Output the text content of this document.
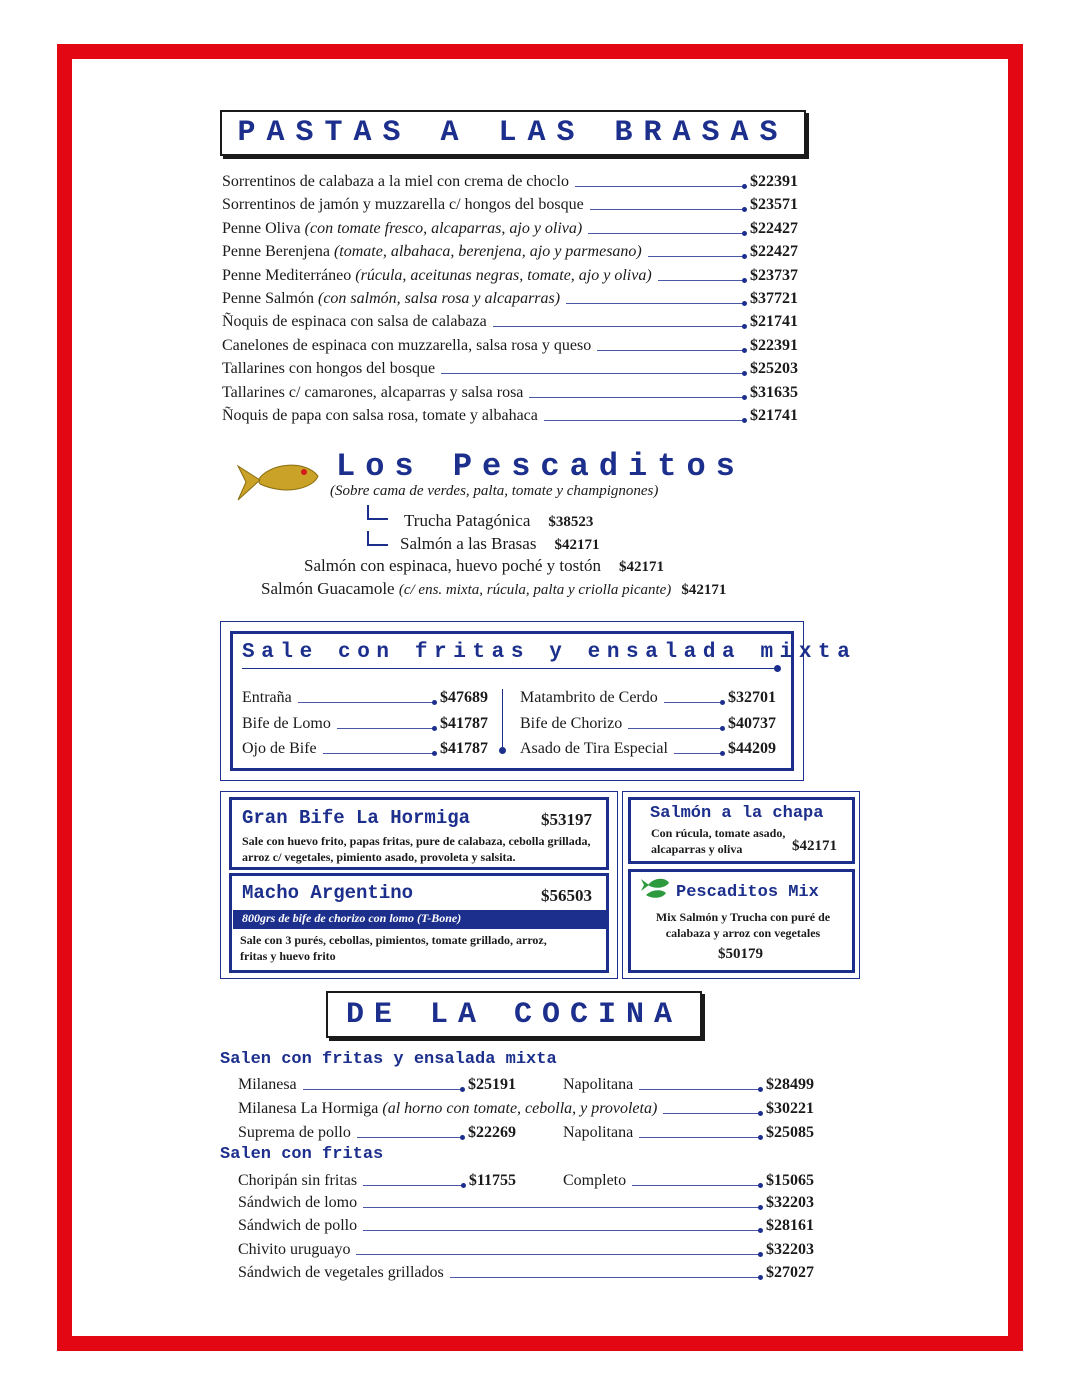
PASTAS A LAS BRASAS
Sorrentinos de calabaza a la miel con crema de choclo	$22391
Sorrentinos de jamón y muzzarella c/ hongos del bosque	$23571
Penne Oliva (con tomate fresco, alcaparras, ajo y oliva)	$22427
Penne Berenjena (tomate, albahaca, berenjena, ajo y parmesano)	$22427
Penne Mediterráneo (rúcula, aceitunas negras, tomate, ajo y oliva)	$23737
Penne Salmón (con salmón, salsa rosa y alcaparras)	$37721
Ñoquis de espinaca con salsa de calabaza	$21741
Canelones de espinaca con muzzarella, salsa rosa y queso	$22391
Tallarines con hongos del bosque	$25203
Tallarines c/ camarones, alcaparras y salsa rosa	$31635
Ñoquis de papa con salsa rosa, tomate y albahaca	$21741
Los Pescaditos
(Sobre cama de verdes, palta, tomate y champignones)
Trucha Patagónica $38523
Salmón a las Brasas $42171
Salmón con espinaca, huevo poché y tostón $42171
Salmón Guacamole (c/ ens. mixta, rúcula, palta y criolla picante) $42171
Sale con fritas y ensalada mixta
Entraña	$47689
Bife de Lomo	$41787
Ojo de Bife	$41787
Matambrito de Cerdo	$32701
Bife de Chorizo	$40737
Asado de Tira Especial	$44209
Gran Bife La Hormiga	$53197
Sale con huevo frito, papas fritas, pure de calabaza, cebolla grillada, arroz c/ vegetales, pimiento asado, provoleta y salsita.
Macho Argentino	$56503
800grs de bife de chorizo con lomo (T-Bone)
Sale con 3 purés, cebollas, pimientos, tomate grillado, arroz, fritas y huevo frito
Salmón a la chapa
Con rúcula, tomate asado, alcaparras y oliva	$42171
Pescaditos Mix
Mix Salmón y Trucha con puré de calabaza y arroz con vegetales
$50179
DE LA COCINA
Salen con fritas y ensalada mixta
Salen con fritas
Milanesa	$25191	Napolitana	$28499
Milanesa La Hormiga (al horno con tomate, cebolla, y provoleta)	$30221
Suprema de pollo	$22269	Napolitana	$25085
Choripán sin fritas	$11755	Completo	$15065
Sándwich de lomo	$32203
Sándwich de pollo	$28161
Chivito uruguayo	$32203
Sándwich de vegetales grillados	$27027
